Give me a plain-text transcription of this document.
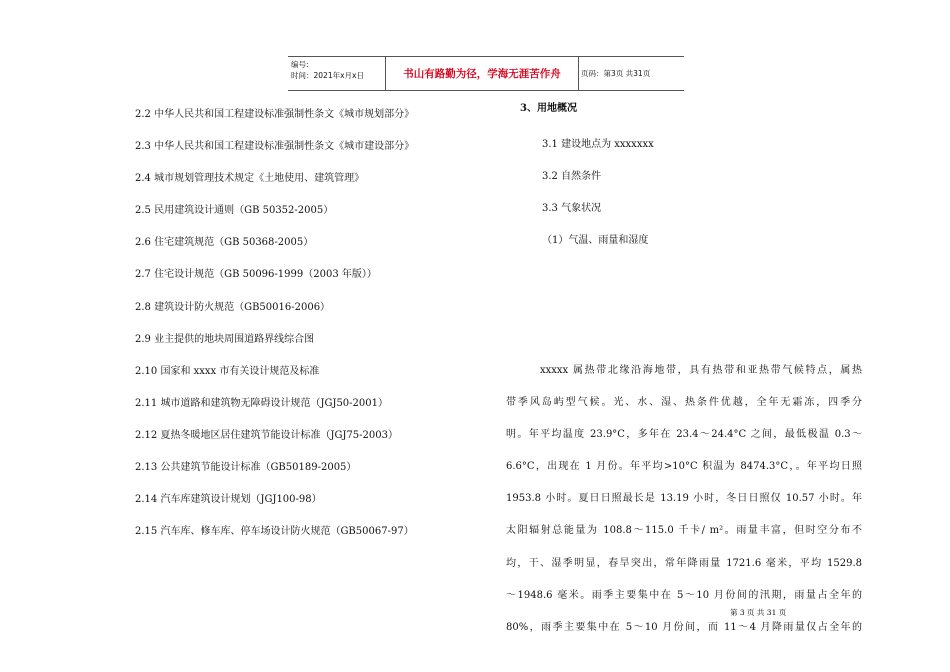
编号:
时间：2021年x月x日	书山有路勤为径，学海无涯苦作舟	页码：第3页 共31页
2.2 中华人民共和国工程建设标准强制性条文《城市规划部分》
2.3 中华人民共和国工程建设标准强制性条文《城市建设部分》
2.4 城市规划管理技术规定《土地使用、建筑管理》
2.5 民用建筑设计通则（GB 50352-2005）
2.6 住宅建筑规范（GB 50368-2005）
2.7 住宅设计规范（GB 50096-1999（2003 年版））
2.8 建筑设计防火规范（GB50016-2006）
2.9 业主提供的地块周围道路界线综合图
2.10 国家和 xxxx 市有关设计规范及标准
2.11 城市道路和建筑物无障碍设计规范（JGJ50-2001）
2.12 夏热冬暖地区居住建筑节能设计标准（JGJ75-2003）
2.13 公共建筑节能设计标准（GB50189-2005）
2.14 汽车库建筑设计规划（JGJ100-98）
2.15 汽车库、修车库、停车场设计防火规范（GB50067-97）
3、用地概况
3.1 建设地点为 xxxxxxx
3.2 自然条件
3.3 气象状况
（1）气温、雨量和湿度
xxxxx 属热带北缘沿海地带，具有热带和亚热带气候特点，属热
带季风岛屿型气候。光、水、湿、热条件优越，全年无霜冻，四季分
明。年平均温度 23.9°C，多年在 23.4～24.4°C 之间，最低极温 0.3～
6.6°C，出现在 1 月份。年平均>10°C 积温为 8474.3°C，。年平均日照
1953.8 小时。夏日日照最长是 13.19 小时，冬日日照仅 10.57 小时。年
太阳辐射总能量为 108.8～115.0 千卡/ m²。雨量丰富，但时空分布不
均，干、湿季明显，春旱突出，常年降雨量 1721.6 毫米，平均 1529.8
～1948.6 毫米。雨季主要集中在 5～10 月份间的汛期，雨量占全年的
80%，雨季主要集中在 5～10 月份间，而 11～4 月降雨量仅占全年的
第 3 页 共 31 页
